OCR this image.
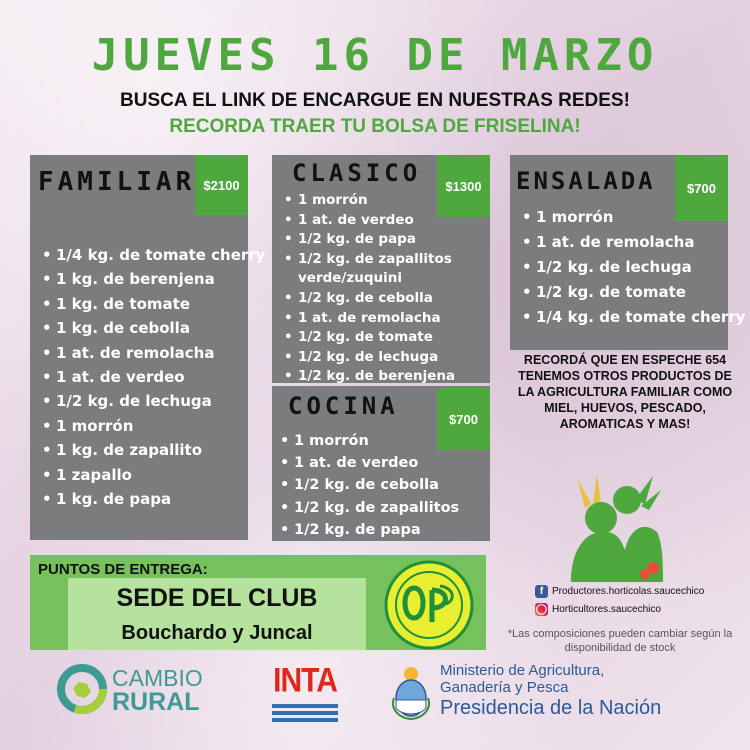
JUEVES 16 DE MARZO
BUSCA EL LINK DE ENCARGUE EN NUESTRAS REDES!
RECORDA TRAER TU BOLSA DE FRISELINA!
FAMILIAR $2100
• 1/4 kg. de tomate cherry
• 1 kg. de berenjena
• 1 kg. de tomate
• 1 kg. de cebolla
• 1 at. de remolacha
• 1 at. de verdeo
• 1/2 kg. de lechuga
• 1 morrón
• 1 kg. de zapallito
• 1 zapallo
• 1 kg. de papa
CLASICO	$1300
• 1 morrón
• 1 at. de verdeo
• 1/2 kg. de papa
• 1/2 kg. de zapallitos verde/zuquini
• 1/2 kg. de cebolla
• 1 at. de remolacha
• 1/2 kg. de tomate
• 1/2 kg. de lechuga
• 1/2 kg. de berenjena
COCINA	$700
• 1 morrón
• 1 at. de verdeo
• 1/2 kg. de cebolla
• 1/2 kg. de zapallitos
• 1/2 kg. de papa
ENSALADA	$700
• 1 morrón
• 1 at. de remolacha
• 1/2 kg. de lechuga
• 1/2 kg. de tomate
• 1/4 kg. de tomate cherry
RECORDÁ QUE EN ESPECHE 654 TENEMOS OTROS PRODUCTOS DE LA AGRICULTURA FAMILIAR COMO MIEL, HUEVOS, PESCADO, AROMATICAS Y MAS!
f Productores.horticolas.saucechico
◯ Horticultores.saucechico
*Las composiciones pueden cambiar según la disponibilidad de stock
PUNTOS DE ENTREGA:
SEDE DEL CLUB
Bouchardo y Juncal
CAMBIO
RURAL
INTA	Ministerio de Agricultura,
Ganadería y Pesca
Presidencia de la Nación
